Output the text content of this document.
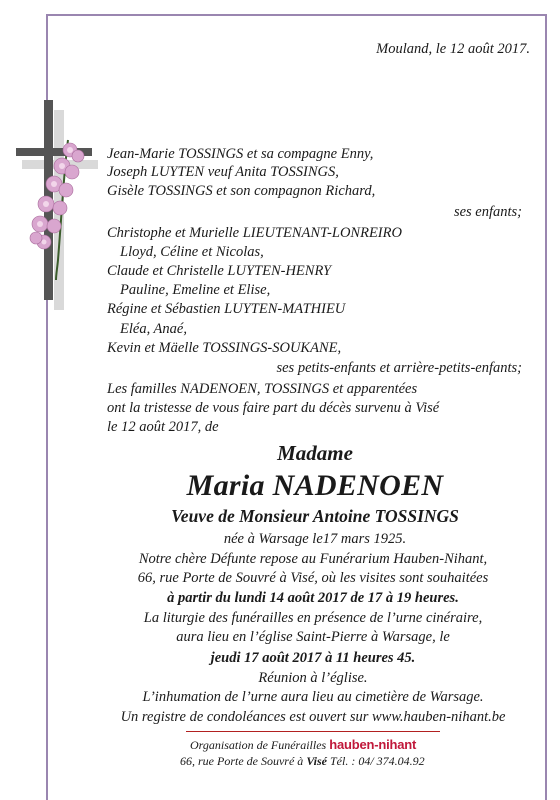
Mouland, le 12 août 2017.
Jean-Marie TOSSINGS et sa compagne Enny,
Joseph LUYTEN veuf Anita TOSSINGS,
Gisèle TOSSINGS et son compagnon Richard,
ses enfants;
Christophe et Murielle LIEUTENANT-LONREIRO
Lloyd, Céline et Nicolas,
Claude et Christelle LUYTEN-HENRY
Pauline, Emeline et Elise,
Régine et Sébastien LUYTEN-MATHIEU
Eléa, Anaé,
Kevin et Mäelle TOSSINGS-SOUKANE,
ses petits-enfants et arrière-petits-enfants;
Les familles NADENOEN, TOSSINGS et apparentées
ont la tristesse de vous faire part du décès survenu à Visé
le 12 août 2017, de
Madame
Maria NADENOEN
Veuve de Monsieur Antoine TOSSINGS
née à Warsage le17 mars 1925.
Notre chère Défunte repose au Funérarium Hauben-Nihant,
66, rue Porte de Souvré à Visé, où les visites sont souhaitées
à partir du lundi 14 août 2017 de 17 à 19 heures.
La liturgie des funérailles en présence de l’urne cinéraire,
aura lieu en l’église Saint-Pierre à Warsage, le
jeudi 17 août 2017 à 11 heures 45.
Réunion à l’église.
L’inhumation de l’urne aura lieu au cimetière de Warsage.
Un registre de condoléances est ouvert sur www.hauben-nihant.be
Organisation de Funérailles hauben-nihant
66, rue Porte de Souvré à Visé Tél. : 04/ 374.04.92
